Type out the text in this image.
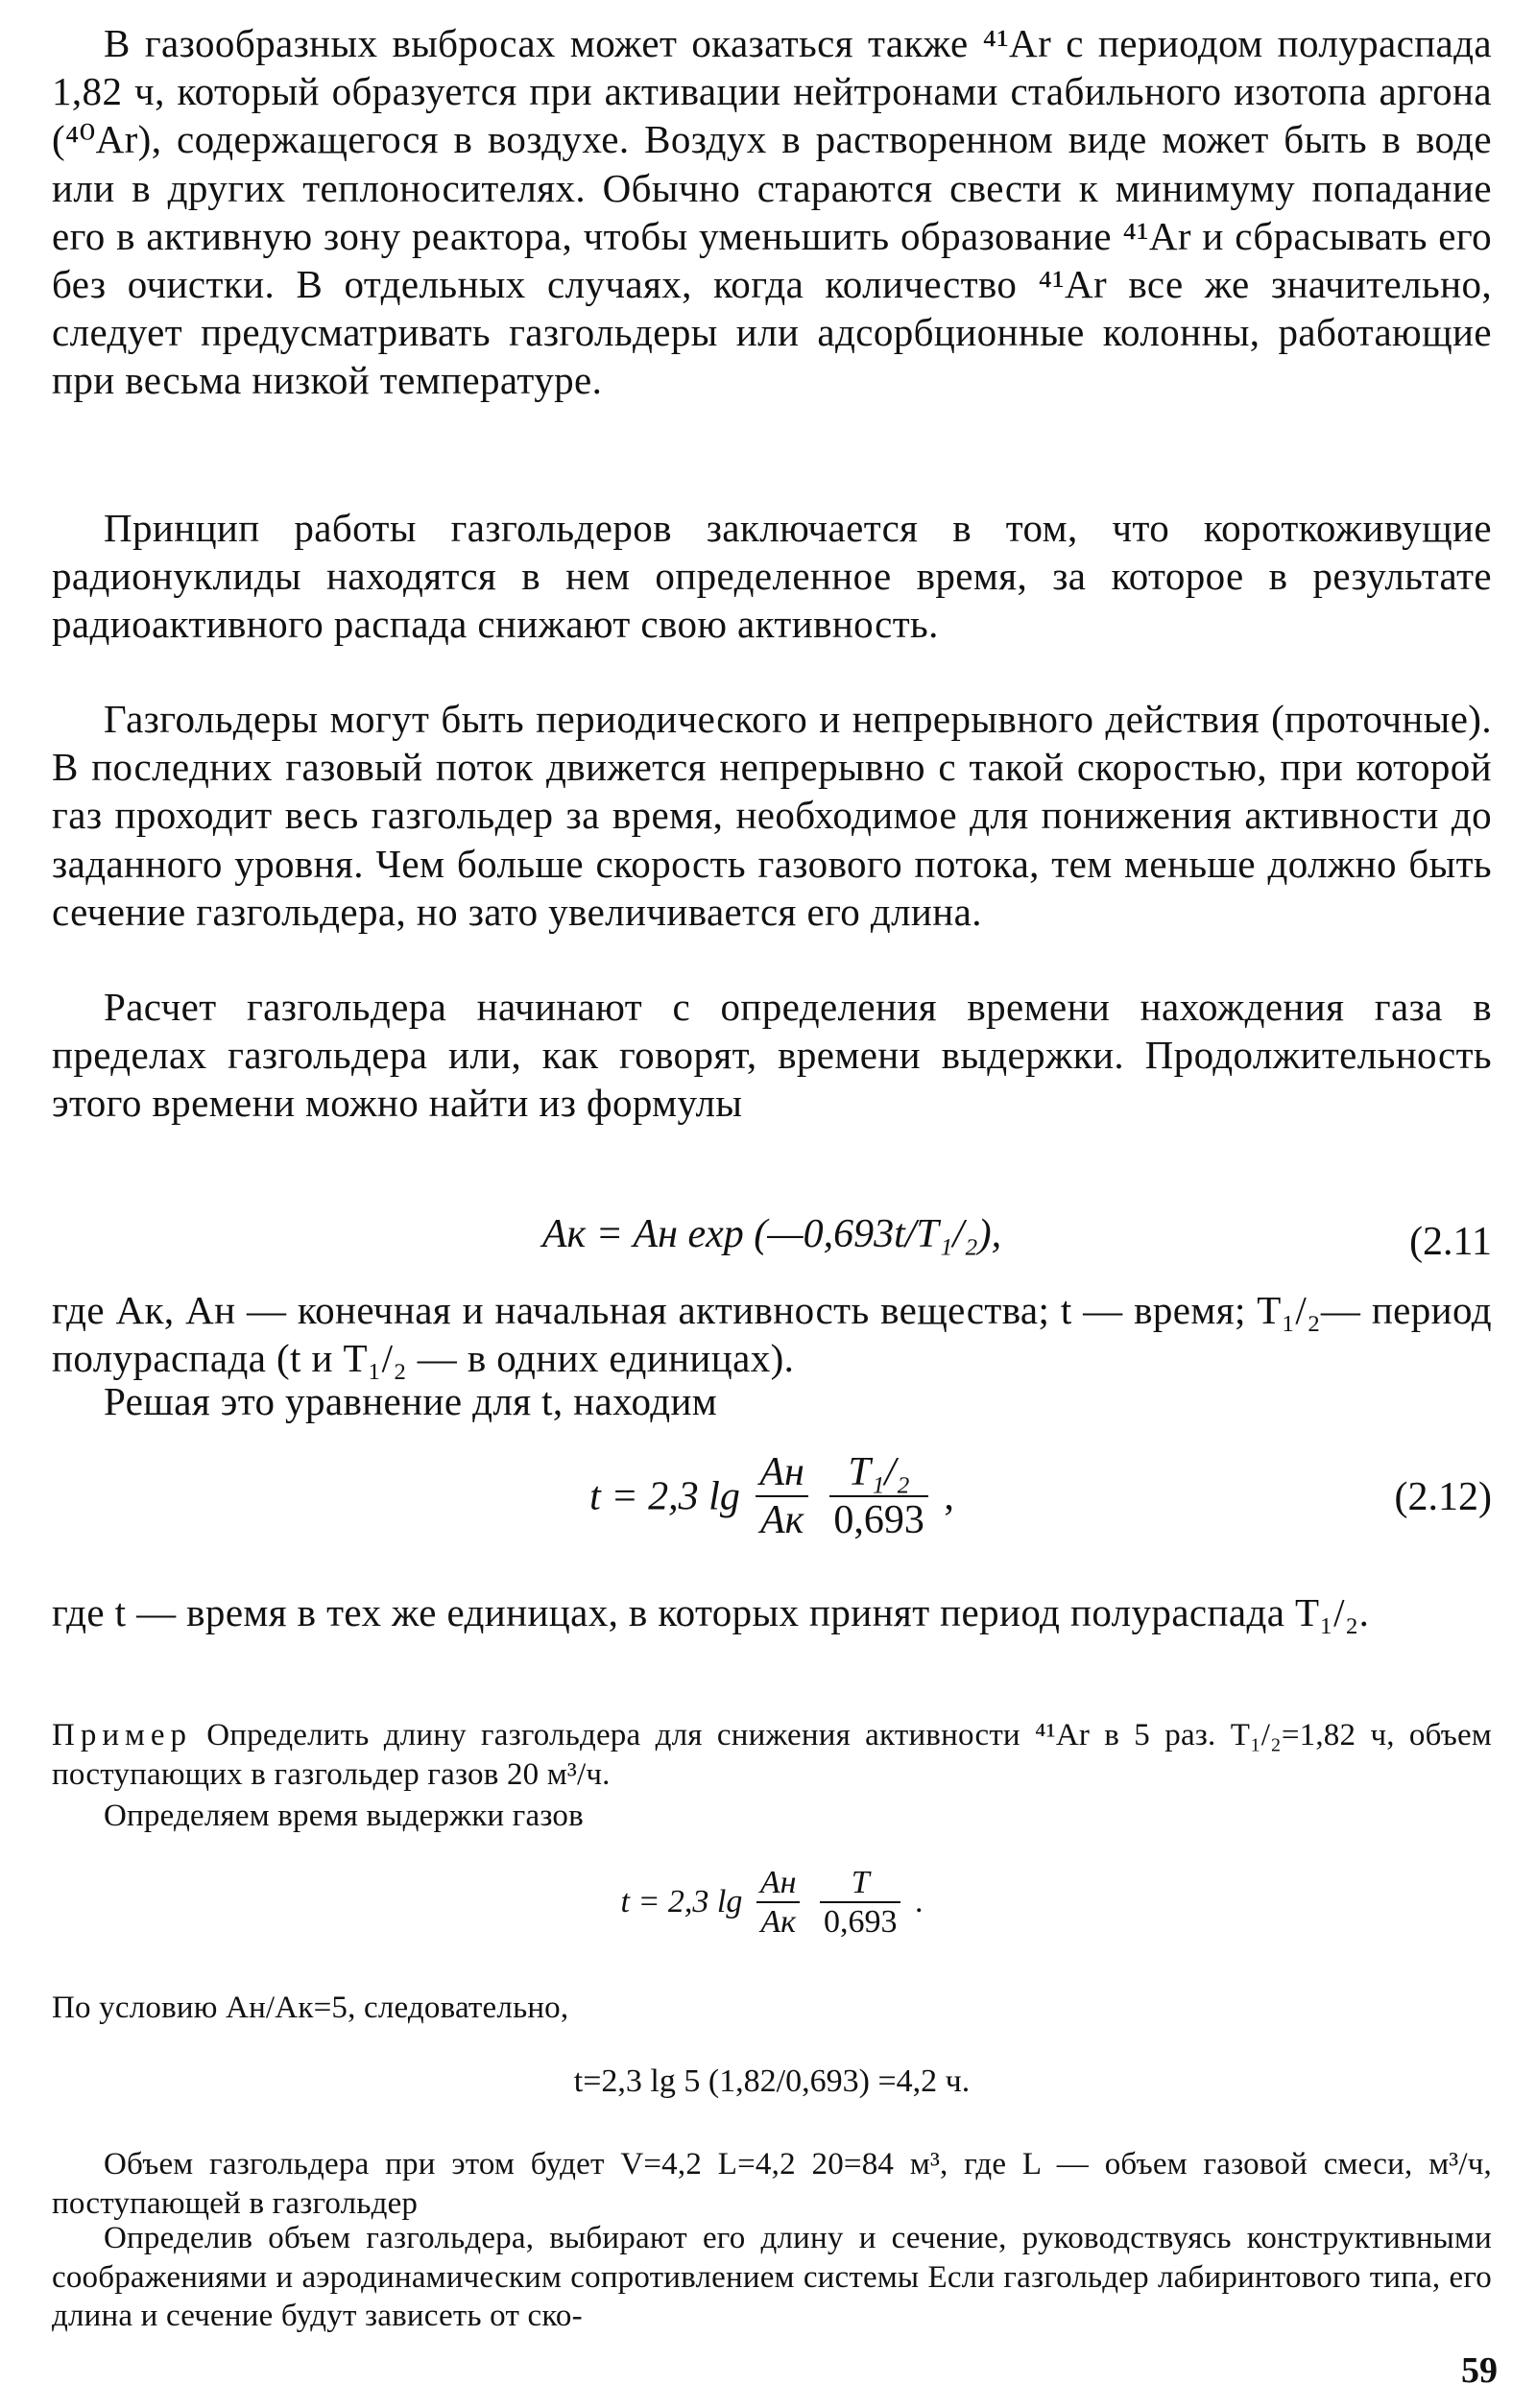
В газообразных выбросах может оказаться также ⁴¹Аr с периодом полураспада 1,82 ч, который образуется при активации нейтронами стабильного изотопа аргона (⁴⁰Аr), содержащегося в воздухе. Воздух в растворенном виде может быть в воде или в других теплоносителях. Обычно стараются свести к минимуму попадание его в активную зону реактора, чтобы уменьшить образование ⁴¹Аr и сбрасывать его без очистки. В отдельных случаях, когда количество ⁴¹Аr все же значительно, следует предусматривать газгольдеры или адсорбционные колонны, работающие при весьма низкой температуре.

Принцип работы газгольдеров заключается в том, что короткоживущие радионуклиды находятся в нем определенное время, за которое в результате радиоактивного распада снижают свою активность.

Газгольдеры могут быть периодического и непрерывного действия (проточные). В последних газовый поток движется непрерывно с такой скоростью, при которой газ проходит весь газгольдер за время, необходимое для понижения активности до заданного уровня. Чем больше скорость газового потока, тем меньше должно быть сечение газгольдера, но зато увеличивается его длина.

Расчет газгольдера начинают с определения времени нахождения газа в пределах газгольдера или, как говорят, времени выдержки. Продолжительность этого времени можно найти из формулы

Aк = Aн exp (—0,693t/T₁/₂),	(2.11

где Aк, Aн — конечная и начальная активность вещества; t — время; T₁/₂— период полураспада (t и T₁/₂ — в одних единицах).

Решая это уравнение для t, находим

t = 2,3 $\lg \frac{Aн}{Aк}$
$\frac{\text{T₁/₂}}{0,693}$ ,	(2.12)

где t — время в тех же единицах, в которых принят период полураспада T₁/₂.

Пример Определить длину газгольдера для снижения активности ⁴¹Ar в 5 раз. T₁/₂=1,82 ч, объем поступающих в газгольдер газов 20 м³/ч.

Определяем время выдержки газов

t = 2,3 $\lg \frac{Aн}{Aк}$
$\frac{T}{0,693}$ .

По условию Aн/Aк=5, следовательно,

t=2,3 lg 5 (1,82/0,693) =4,2 ч.

Объем газгольдера при этом будет V=4,2 L=4,2 20=84 м³, где L — объем газовой смеси, м³/ч, поступающей в газгольдер

Определив объем газгольдера, выбирают его длину и сечение, руководствуясь конструктивными соображениями и аэродинамическим сопротивлением системы Если газгольдер лабиринтового типа, его длина и сечение будут зависеть от ско-

59
